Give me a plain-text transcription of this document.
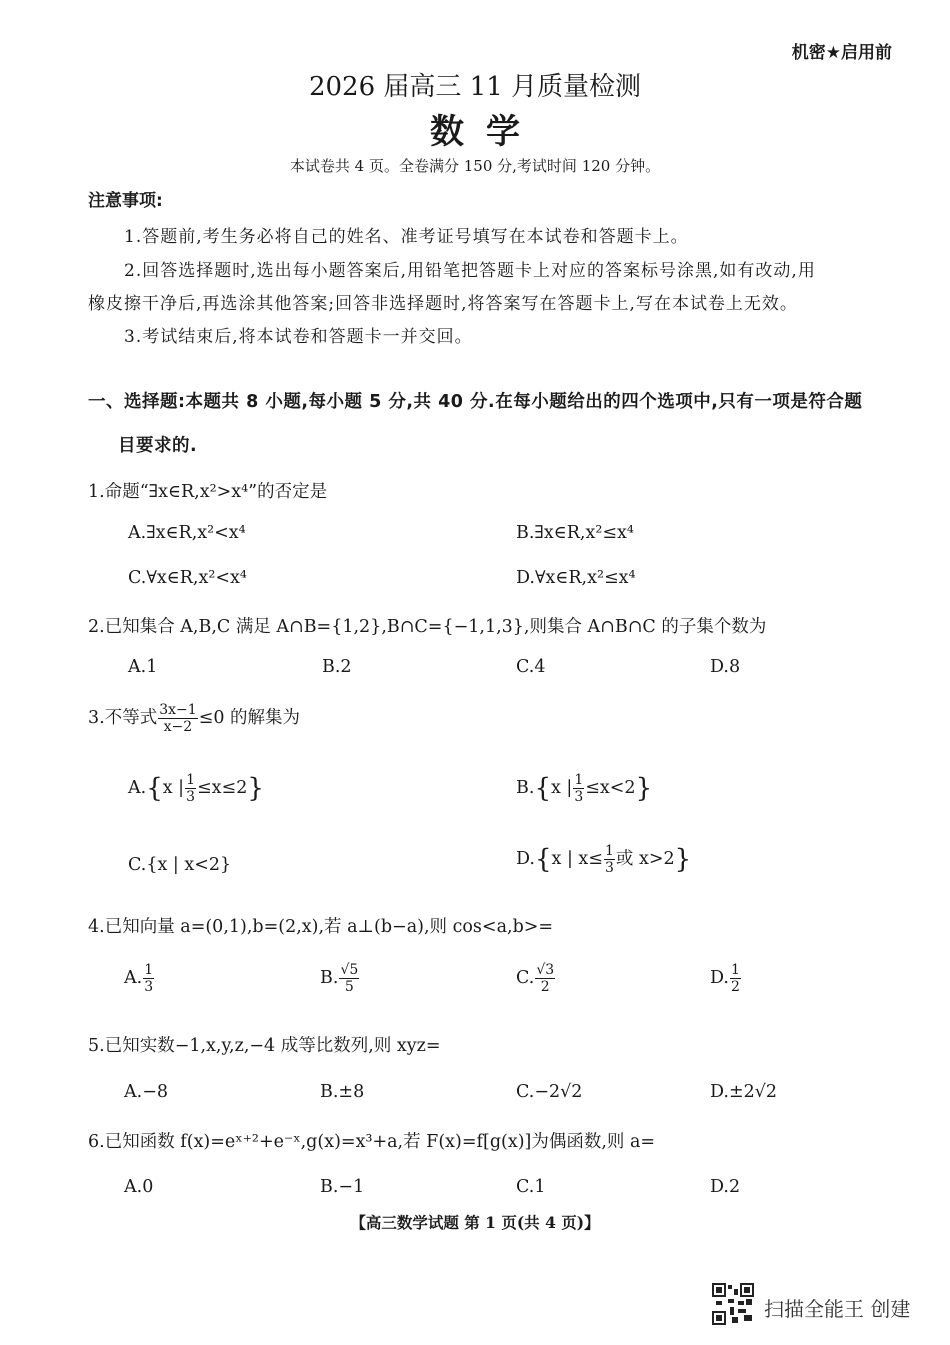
机密★启用前
2026 届高三 11 月质量检测
数学
本试卷共 4 页。全卷满分 150 分,考试时间 120 分钟。
注意事项:
1.答题前,考生务必将自己的姓名、准考证号填写在本试卷和答题卡上。
2.回答选择题时,选出每小题答案后,用铅笔把答题卡上对应的答案标号涂黑,如有改动,用
橡皮擦干净后,再选涂其他答案;回答非选择题时,将答案写在答题卡上,写在本试卷上无效。
3.考试结束后,将本试卷和答题卡一并交回。
一、选择题:本题共 8 小题,每小题 5 分,共 40 分.在每小题给出的四个选项中,只有一项是符合题
目要求的.
1.命题“∃x∈R,x²>x⁴”的否定是
A.∃x∈R,x²<x⁴	B.∃x∈R,x²≤x⁴
C.∀x∈R,x²<x⁴	D.∀x∈R,x²≤x⁴
2.已知集合 A,B,C 满足 A∩B={1,2},B∩C={−1,1,3},则集合 A∩B∩C 的子集个数为
A.1	B.2	C.4	D.8
3.不等式 $\frac{3x-1}{x-2} \le 0$ 的解集为
A.{x | $\frac{1}{3} \le x\le 2$}	B.{x | $\frac{1}{3} \le x<2$}
C.{x | x<2}	D.{x | $x\le \frac{1}{3}$ 或 x>2}
4.已知向量 a=(0,1),b=(2,x),若 a⊥(b−a),则 cos<a,b>=
A. $\frac{1}{3}$	B. $\frac{√5}{5}$	C. $\frac{√3}{2}$	D. $\frac{1}{2}$
5.已知实数−1,x,y,z,−4 成等比数列,则 xyz=
A.−8	B.±8	C.−2√2	D.±2√2
6.已知函数 f(x)=eˣ⁺²+e⁻ˣ,g(x)=x³+a,若 F(x)=f[g(x)]为偶函数,则 a=
A.0	B.−1	C.1	D.2
【高三数学试题 第 1 页(共 4 页)】
扫描全能王 创建
